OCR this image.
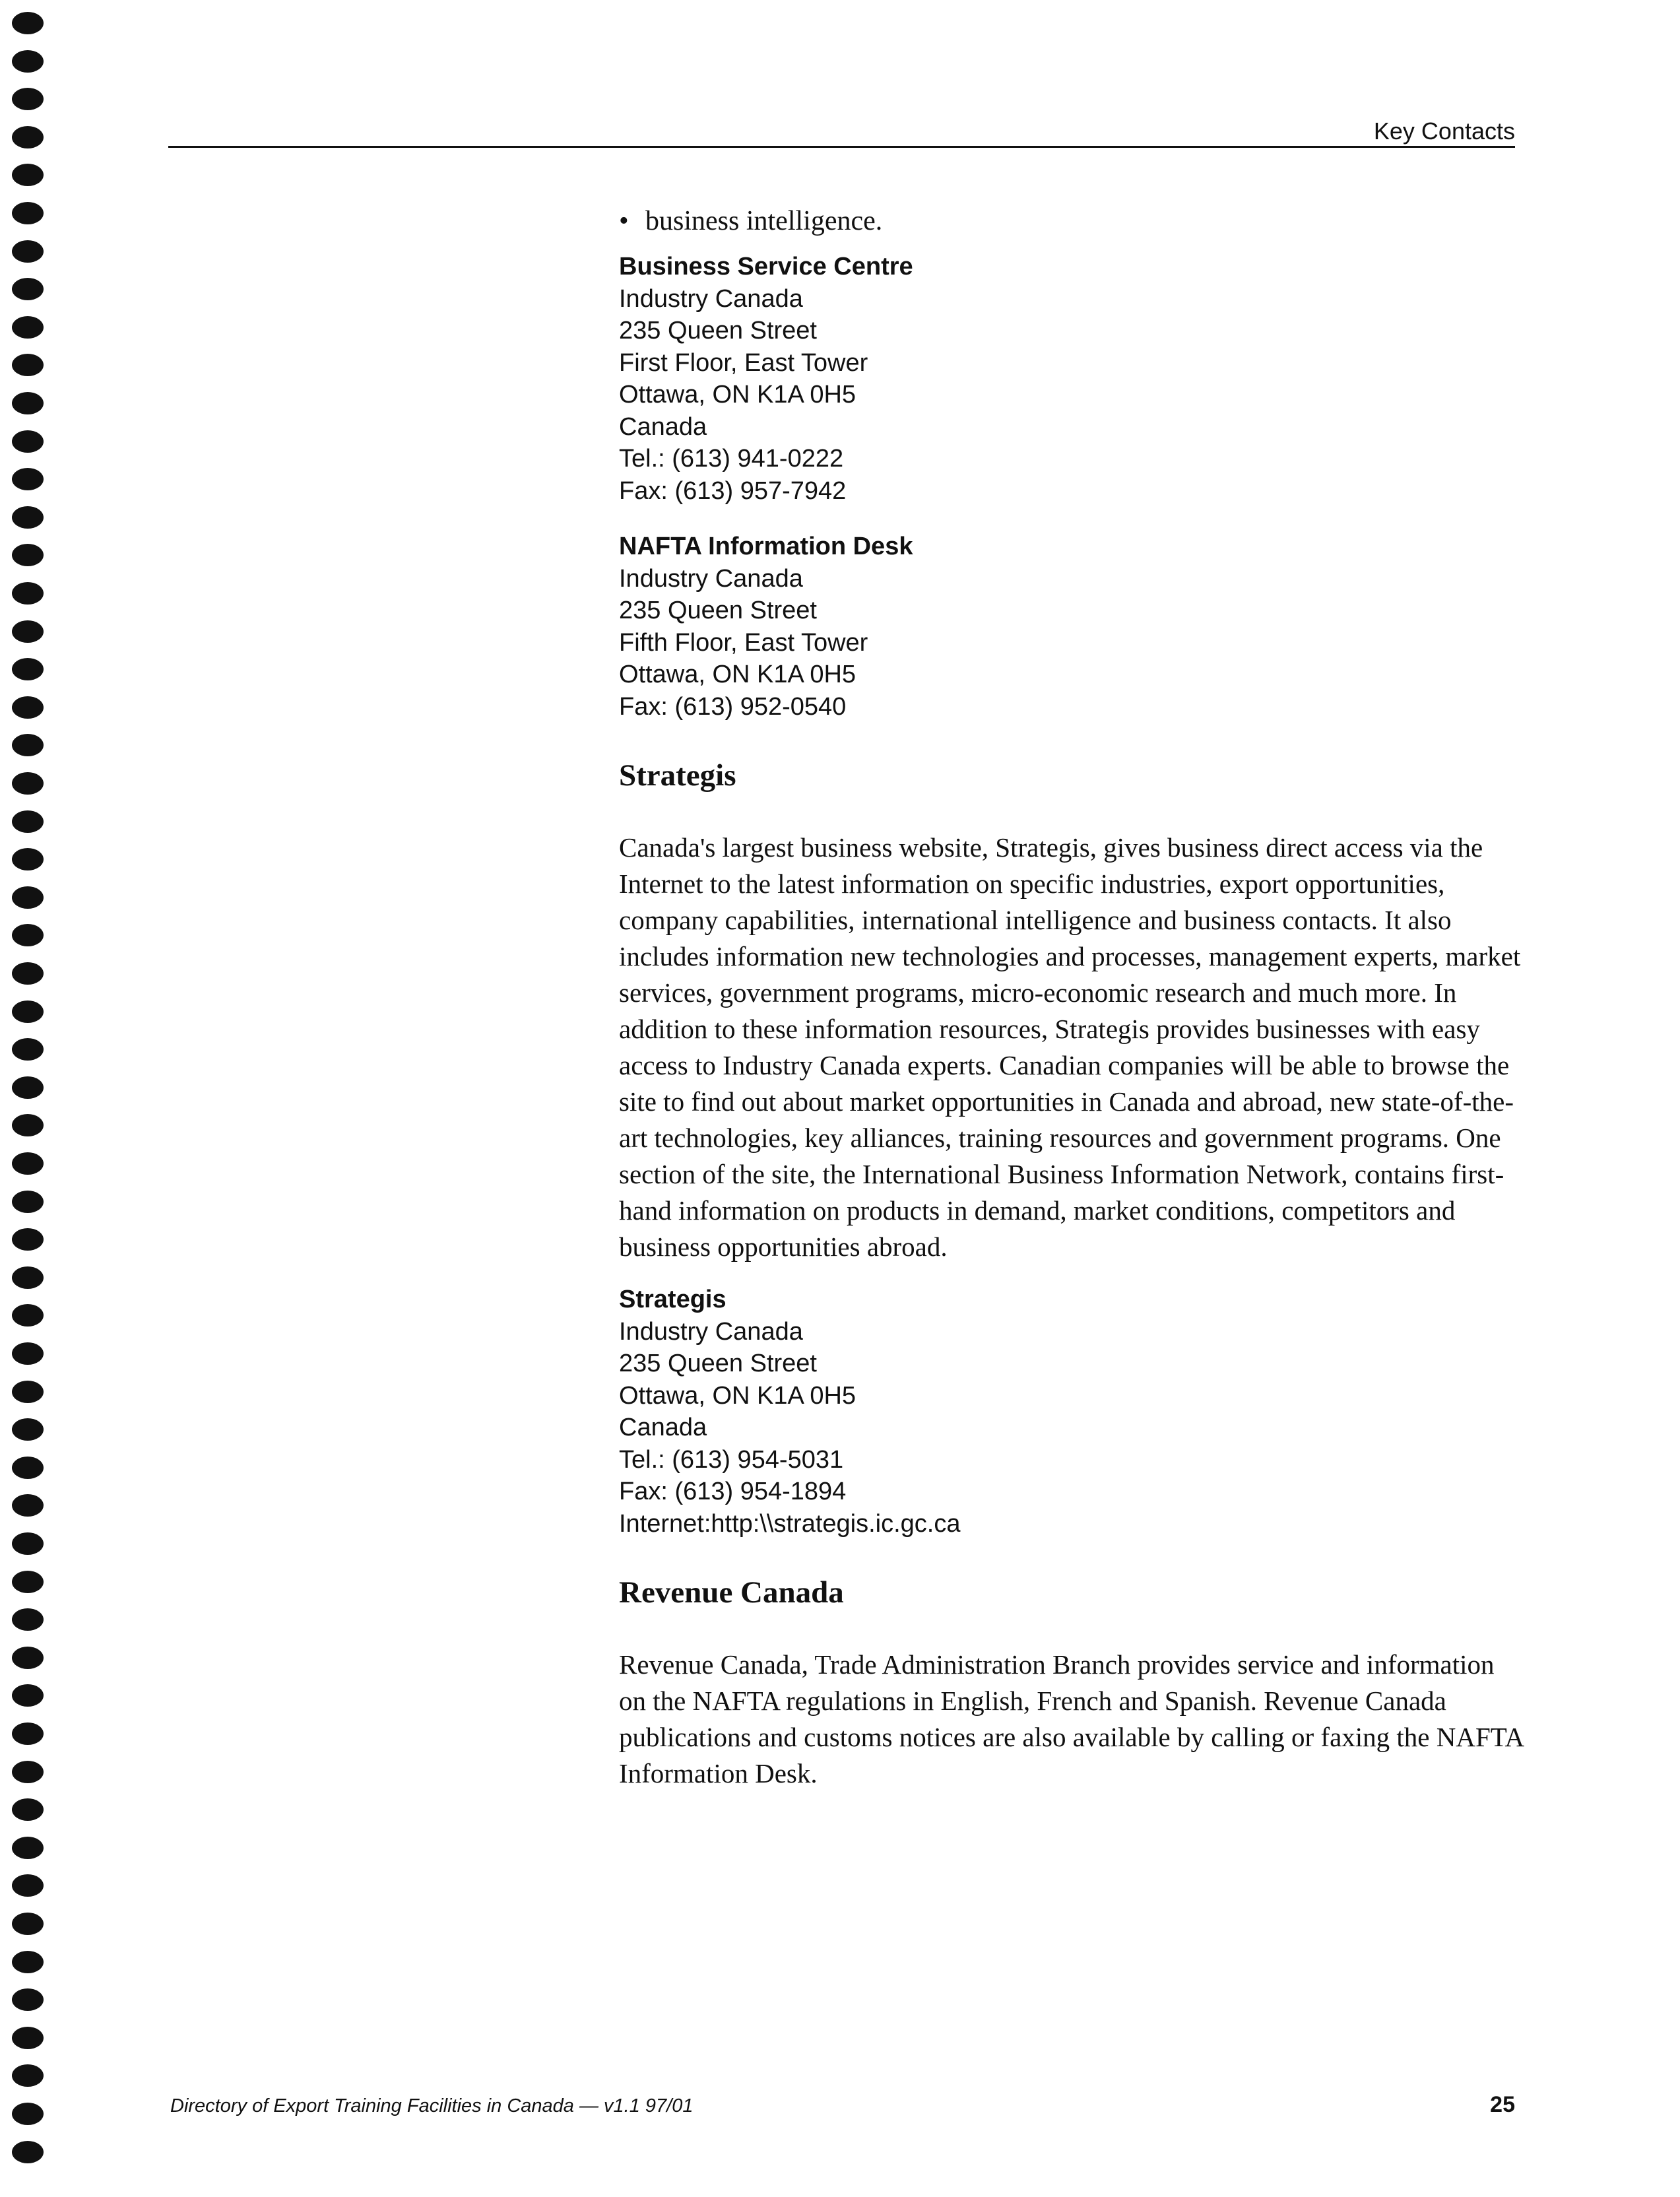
Key Contacts
• business intelligence.
Business Service Centre
Industry Canada
235 Queen Street
First Floor, East Tower
Ottawa, ON K1A 0H5
Canada
Tel.: (613) 941-0222
Fax: (613) 957-7942
NAFTA Information Desk
Industry Canada
235 Queen Street
Fifth Floor, East Tower
Ottawa, ON K1A 0H5
Fax: (613) 952-0540
Strategis

Canada's largest business website, Strategis, gives business direct access via the Internet to the latest information on specific industries, export opportunities, company capabilities, international intelligence and business contacts. It also includes information new technologies and processes, management experts, market services, government programs, micro-economic research and much more. In addition to these information resources, Strategis provides businesses with easy access to Industry Canada experts. Canadian companies will be able to browse the site to find out about market opportunities in Canada and abroad, new state-of-the-art technologies, key alliances, training resources and government programs. One section of the site, the International Business Information Network, contains first-hand information on products in demand, market conditions, competitors and business opportunities abroad.

Strategis
Industry Canada
235 Queen Street
Ottawa, ON K1A 0H5
Canada
Tel.: (613) 954-5031
Fax: (613) 954-1894
Internet:http:\\strategis.ic.gc.ca
Revenue Canada

Revenue Canada, Trade Administration Branch provides service and information on the NAFTA regulations in English, French and Spanish. Revenue Canada publications and customs notices are also available by calling or faxing the NAFTA Information Desk.

Directory of Export Training Facilities in Canada — v1.1 97/01	25
